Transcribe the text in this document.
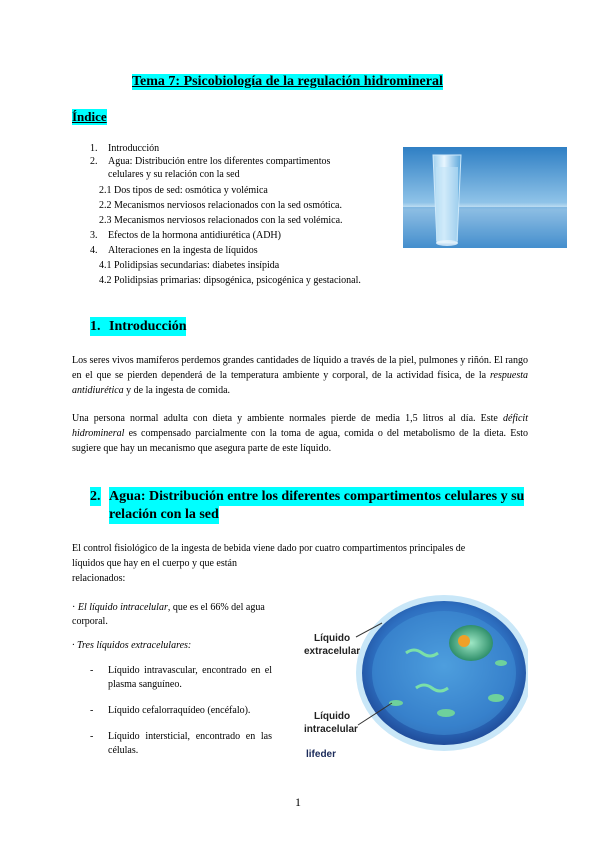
Tema 7: Psicobiología de la regulación hidromineral
Índice
1. Introducción
2. Agua: Distribución entre los diferentes compartimentos
celulares y su relación con la sed
2.1 Dos tipos de sed: osmótica y volémica
2.2 Mecanismos nerviosos relacionados con la sed osmótica.
2.3 Mecanismos nerviosos relacionados con la sed volémica.
3. Efectos de la hormona antidiurética (ADH)
4. Alteraciones en la ingesta de líquidos
4.1 Polidipsias secundarias: diabetes insípida
4.2 Polidipsias primarias: dipsogénica, psicogénica y gestacional.
1. Introducción
Los seres vivos mamíferos perdemos grandes cantidades de líquido a través de la piel, pulmones y riñón. El rango en el que se pierden dependerá de la temperatura ambiente y corporal, de la actividad física, de la respuesta antidiurética y de la ingesta de comida.
Una persona normal adulta con dieta y ambiente normales pierde de media 1,5 litros al día. Este déficit hidromineral es compensado parcialmente con la toma de agua, comida o del metabolismo de la dieta. Esto sugiere que hay un mecanismo que asegura parte de este líquido.
2. Agua: Distribución entre los diferentes compartimentos celulares y su
relación con la sed
El control fisiológico de la ingesta de bebida viene dado por cuatro compartimentos principales de
líquidos que hay en el cuerpo y que están
relacionados:
· El líquido intracelular, que es el 66% del agua corporal.
· Tres líquidos extracelulares:
- Líquido intravascular, encontrado en el plasma sanguíneo.
- Líquido cefalorraquídeo (encéfalo).
- Líquido intersticial, encontrado en las células.
Líquido
extracelular
Líquido
intracelular
lifeder
1
